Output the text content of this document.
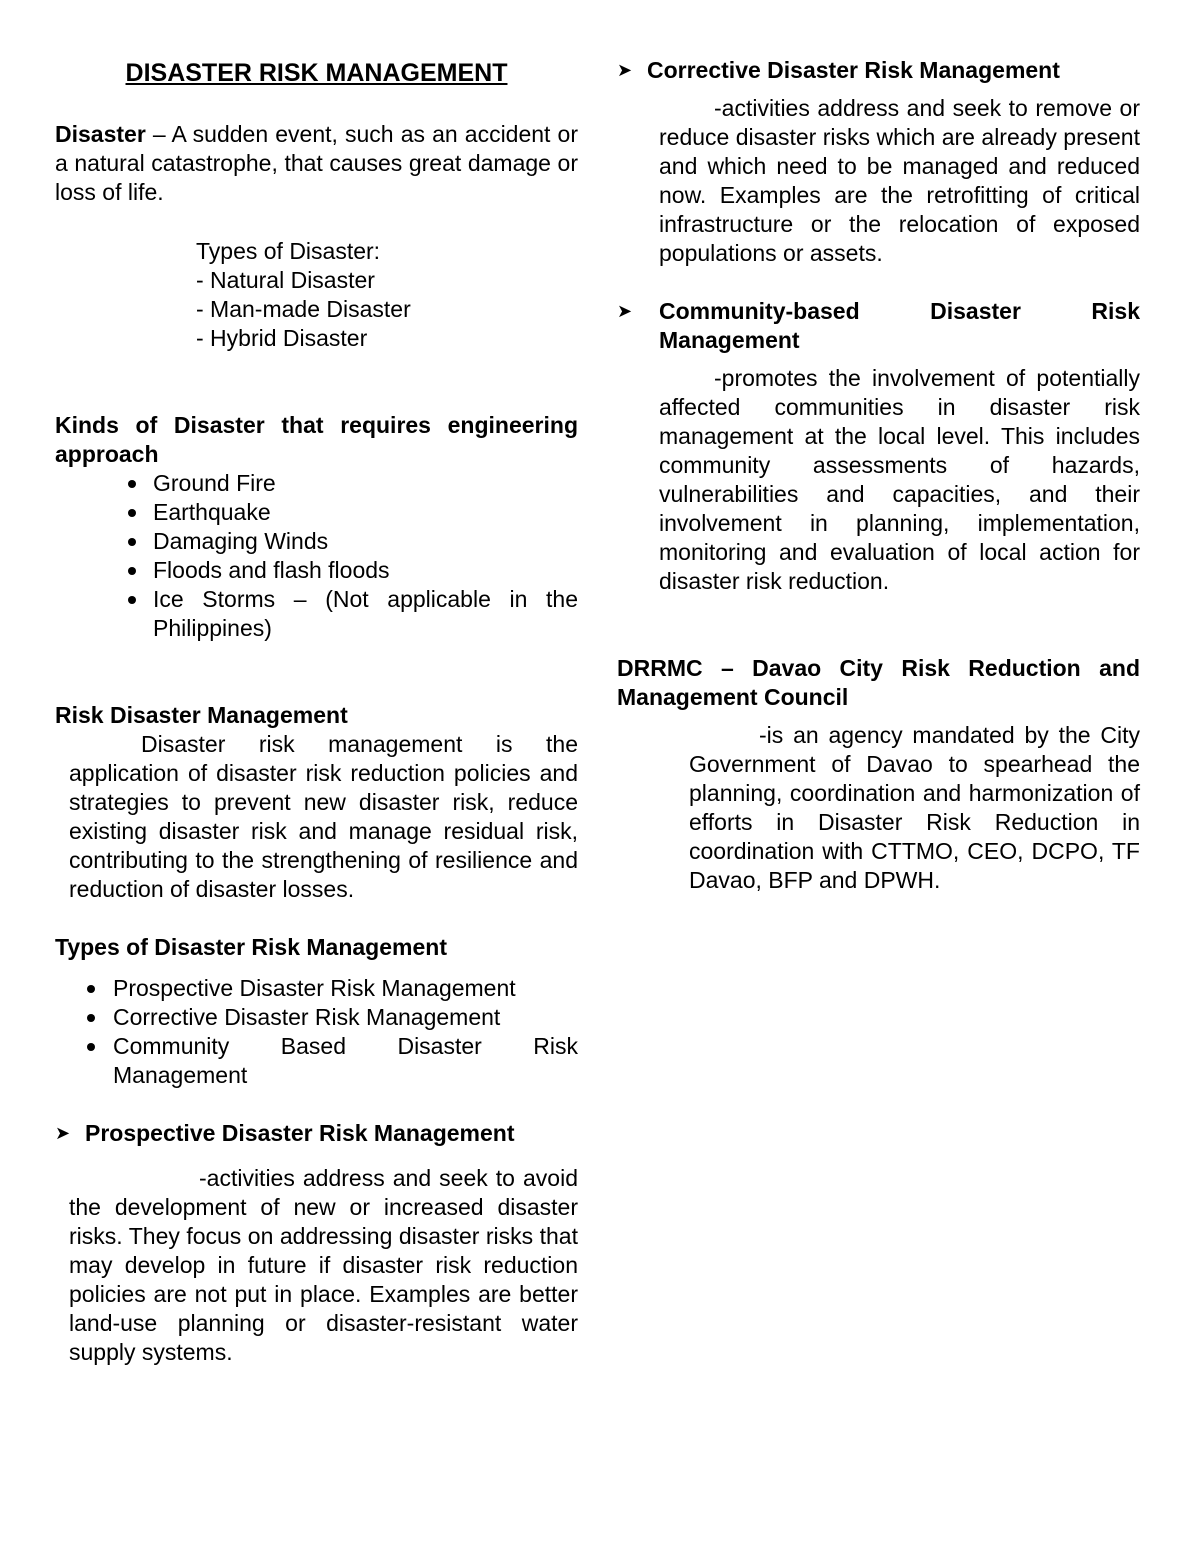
DISASTER RISK MANAGEMENT

Disaster – A sudden event, such as an accident or a natural catastrophe, that causes great damage or loss of life.

Types of Disaster:
- Natural Disaster
- Man-made Disaster
- Hybrid Disaster

Kinds of Disaster that requires engineering approach

Ground Fire
Earthquake
Damaging Winds
Floods and flash floods
Ice Storms – (Not applicable in the Philippines)

Risk Disaster Management

Disaster risk management is the application of disaster risk reduction policies and strategies to prevent new disaster risk, reduce existing disaster risk and manage residual risk, contributing to the strengthening of resilience and reduction of disaster losses.

Types of Disaster Risk Management

Prospective Disaster Risk Management
Corrective Disaster Risk Management
Community Based Disaster Risk Management
➤ Prospective Disaster Risk Management

-activities address and seek to avoid the development of new or increased disaster risks. They focus on addressing disaster risks that may develop in future if disaster risk reduction policies are not put in place. Examples are better land-use planning or disaster-resistant water supply systems.

➤ Corrective Disaster Risk Management

-activities address and seek to remove or reduce disaster risks which are already present and which need to be managed and reduced now. Examples are the retrofitting of critical infrastructure or the relocation of exposed populations or assets.

➤	Community-based Disaster Risk Management

-promotes the involvement of potentially affected communities in disaster risk management at the local level. This includes community assessments of hazards, vulnerabilities and capacities, and their involvement in planning, implementation, monitoring and evaluation of local action for disaster risk reduction.

DRRMC – Davao City Risk Reduction and Management Council

-is an agency mandated by the City Government of Davao to spearhead the planning, coordination and harmonization of efforts in Disaster Risk Reduction in coordination with CTTMO, CEO, DCPO, TF Davao, BFP and DPWH.
